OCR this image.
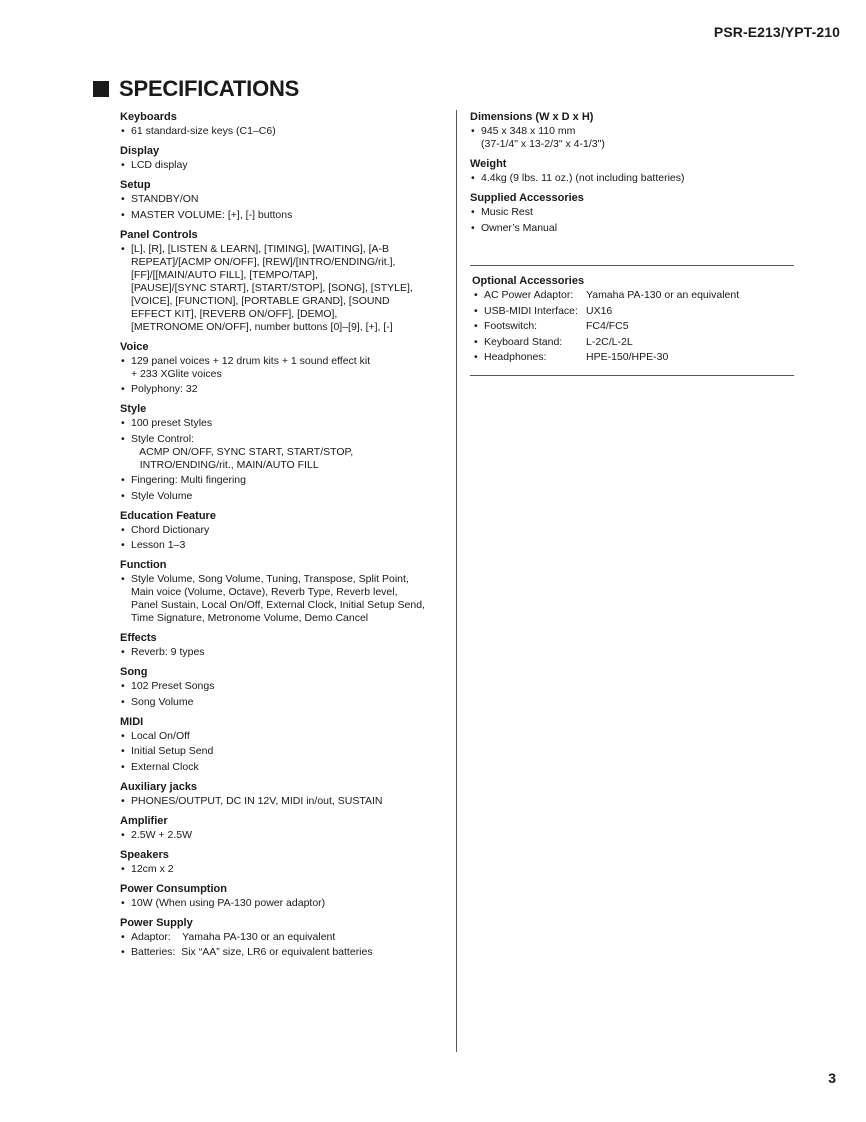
PSR-E213/YPT-210
SPECIFICATIONS
Keyboards
• 61 standard-size keys (C1–C6)
Display
• LCD display
Setup
• STANDBY/ON
• MASTER VOLUME: [+], [-] buttons
Panel Controls
• [L], [R], [LISTEN & LEARN], [TIMING], [WAITING], [A-B
REPEAT]/[ACMP ON/OFF], [REW]/[INTRO/ENDING/rit.],
[FF]/[[MAIN/AUTO FILL], [TEMPO/TAP],
[PAUSE]/[SYNC START], [START/STOP], [SONG], [STYLE],
[VOICE], [FUNCTION], [PORTABLE GRAND], [SOUND
EFFECT KIT], [REVERB ON/OFF], [DEMO],
[METRONOME ON/OFF], number buttons [0]–[9], [+], [-]
Voice
• 129 panel voices + 12 drum kits + 1 sound effect kit
+ 233 XGlite voices
• Polyphony: 32
Style
• 100 preset Styles
• Style Control:
ACMP ON/OFF, SYNC START, START/STOP,
INTRO/ENDING/rit., MAIN/AUTO FILL
• Fingering: Multi fingering
• Style Volume
Education Feature
• Chord Dictionary
• Lesson 1–3
Function
• Style Volume, Song Volume, Tuning, Transpose, Split Point,
Main voice (Volume, Octave), Reverb Type, Reverb level,
Panel Sustain, Local On/Off, External Clock, Initial Setup Send,
Time Signature, Metronome Volume, Demo Cancel
Effects
• Reverb: 9 types
Song
• 102 Preset Songs
• Song Volume
MIDI
• Local On/Off
• Initial Setup Send
• External Clock
Auxiliary jacks
• PHONES/OUTPUT, DC IN 12V, MIDI in/out, SUSTAIN
Amplifier
• 2.5W + 2.5W
Speakers
• 12cm x 2
Power Consumption
• 10W (When using PA-130 power adaptor)
Power Supply
• Adaptor:    Yamaha PA-130 or an equivalent
• Batteries:  Six “AA” size, LR6 or equivalent batteries
Dimensions (W x D x H)
• 945 x 348 x 110 mm
(37-1/4" x 13-2/3" x 4-1/3")
Weight
• 4.4kg (9 lbs. 11 oz.) (not including batteries)
Supplied Accessories
• Music Rest
• Owner’s Manual
Optional Accessories
• AC Power Adaptor: Yamaha PA-130 or an equivalent
• USB-MIDI Interface: UX16
• Footswitch:	FC4/FC5
• Keyboard Stand: L-2C/L-2L
• Headphones:	HPE-150/HPE-30
3
